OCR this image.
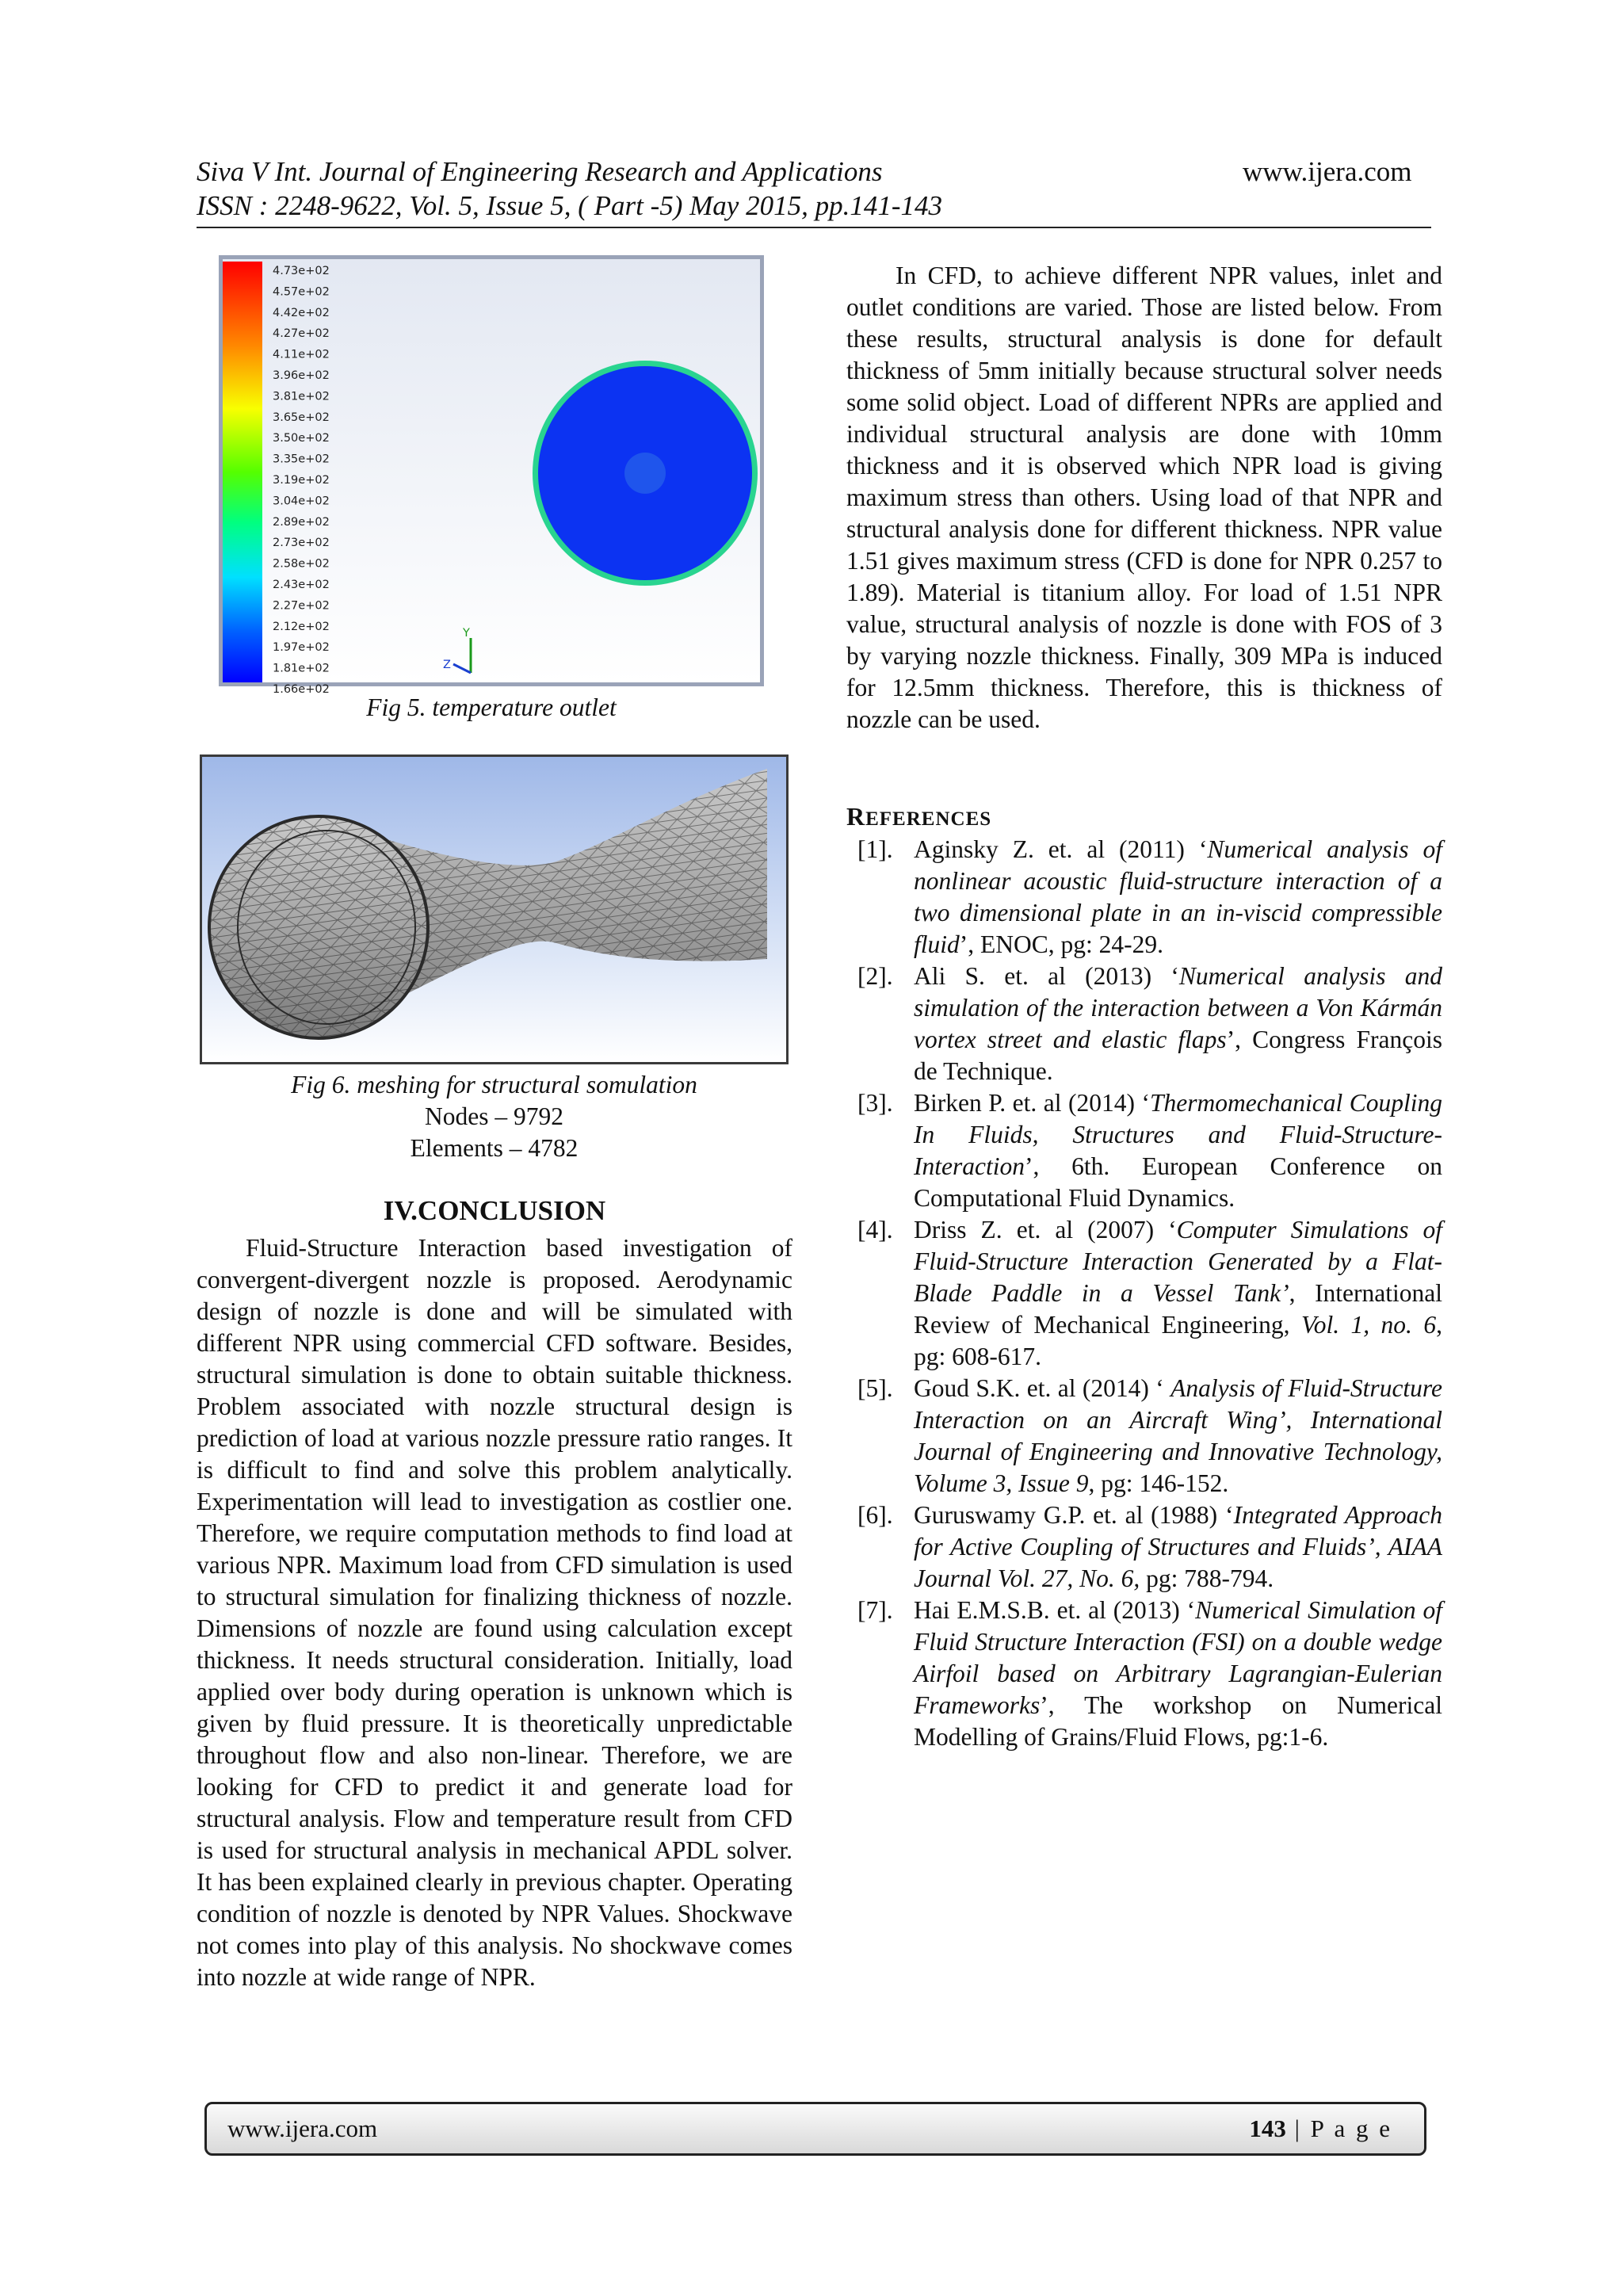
Siva V Int. Journal of Engineering Research and Applications	www.ijera.com
ISSN : 2248-9622, Vol. 5, Issue 5, ( Part -5) May 2015, pp.141-143
4.73e+02
4.57e+02
4.42e+02
4.27e+02
4.11e+02
3.96e+02
3.81e+02
3.65e+02
3.50e+02
3.35e+02
3.19e+02
3.04e+02
2.89e+02
2.73e+02
2.58e+02
2.43e+02
2.27e+02
2.12e+02
1.97e+02
1.81e+02
1.66e+02
Y
Z
Fig 5. temperature outlet
Fig 6. meshing for structural somulation
Nodes – 9792
Elements – 4782
IV.CONCLUSION
Fluid-Structure Interaction based investigation of convergent-divergent nozzle is proposed. Aerodynamic design of nozzle is done and will be simulated with different NPR using commercial CFD software. Besides, structural simulation is done to obtain suitable thickness. Problem associated with nozzle structural design is prediction of load at various nozzle pressure ratio ranges. It is difficult to find and solve this problem analytically. Experimentation will lead to investigation as costlier one. Therefore, we require computation methods to find load at various NPR. Maximum load from CFD simulation is used to structural simulation for finalizing thickness of nozzle. Dimensions of nozzle are found using calculation except thickness. It needs structural consideration. Initially, load applied over body during operation is unknown which is given by fluid pressure. It is theoretically unpredictable throughout flow and also non-linear. Therefore, we are looking for CFD to predict it and generate load for structural analysis. Flow and temperature result from CFD is used for structural analysis in mechanical APDL solver. It has been explained clearly in previous chapter. Operating condition of nozzle is denoted by NPR Values. Shockwave not comes into play of this analysis. No shockwave comes into nozzle at wide range of NPR.
In CFD, to achieve different NPR values, inlet and outlet conditions are varied. Those are listed below. From these results, structural analysis is done for default thickness of 5mm initially because structural solver needs some solid object. Load of different NPRs are applied and individual structural analysis are done with 10mm thickness and it is observed which NPR load is giving maximum stress than others. Using load of that NPR and structural analysis done for different thickness. NPR value 1.51 gives maximum stress (CFD is done for NPR 0.257 to 1.89). Material is titanium alloy. For load of 1.51 NPR value, structural analysis of nozzle is done with FOS of 3 by varying nozzle thickness. Finally, 309 MPa is induced for 12.5mm thickness. Therefore, this is thickness of nozzle can be used.
REFERENCES

[1]. Aginsky Z. et. al (2011) ‘Numerical analysis of nonlinear acoustic fluid-structure interaction of a two dimensional plate in an in-viscid compressible fluid’, ENOC, pg: 24-29.

[2]. Ali S. et. al (2013) ‘Numerical analysis and simulation of the interaction between a Von Kármán vortex street and elastic flaps’, Congress François de Technique.

[3]. Birken P. et. al (2014) ‘Thermomechanical Coupling In Fluids, Structures and Fluid-Structure-Interaction’, 6th. European Conference on Computational Fluid Dynamics.

[4]. Driss Z. et. al (2007) ‘Computer Simulations of Fluid-Structure Interaction Generated by a Flat-Blade Paddle in a Vessel Tank’, International Review of Mechanical Engineering, Vol. 1, no. 6, pg: 608-617.

[5]. Goud S.K. et. al (2014) ‘ Analysis of Fluid-Structure Interaction on an Aircraft Wing’, International Journal of Engineering and Innovative Technology, Volume 3, Issue 9, pg: 146-152.

[6]. Guruswamy G.P. et. al (1988) ‘Integrated Approach for Active Coupling of Structures and Fluids’, AIAA Journal Vol. 27, No. 6, pg: 788-794.

[7]. Hai E.M.S.B. et. al (2013) ‘Numerical Simulation of Fluid Structure Interaction (FSI) on a double wedge Airfoil based on Arbitrary Lagrangian-Eulerian Frameworks’, The workshop on Numerical Modelling of Grains/Fluid Flows, pg:1-6.

www.ijera.com	143 | P a g e
